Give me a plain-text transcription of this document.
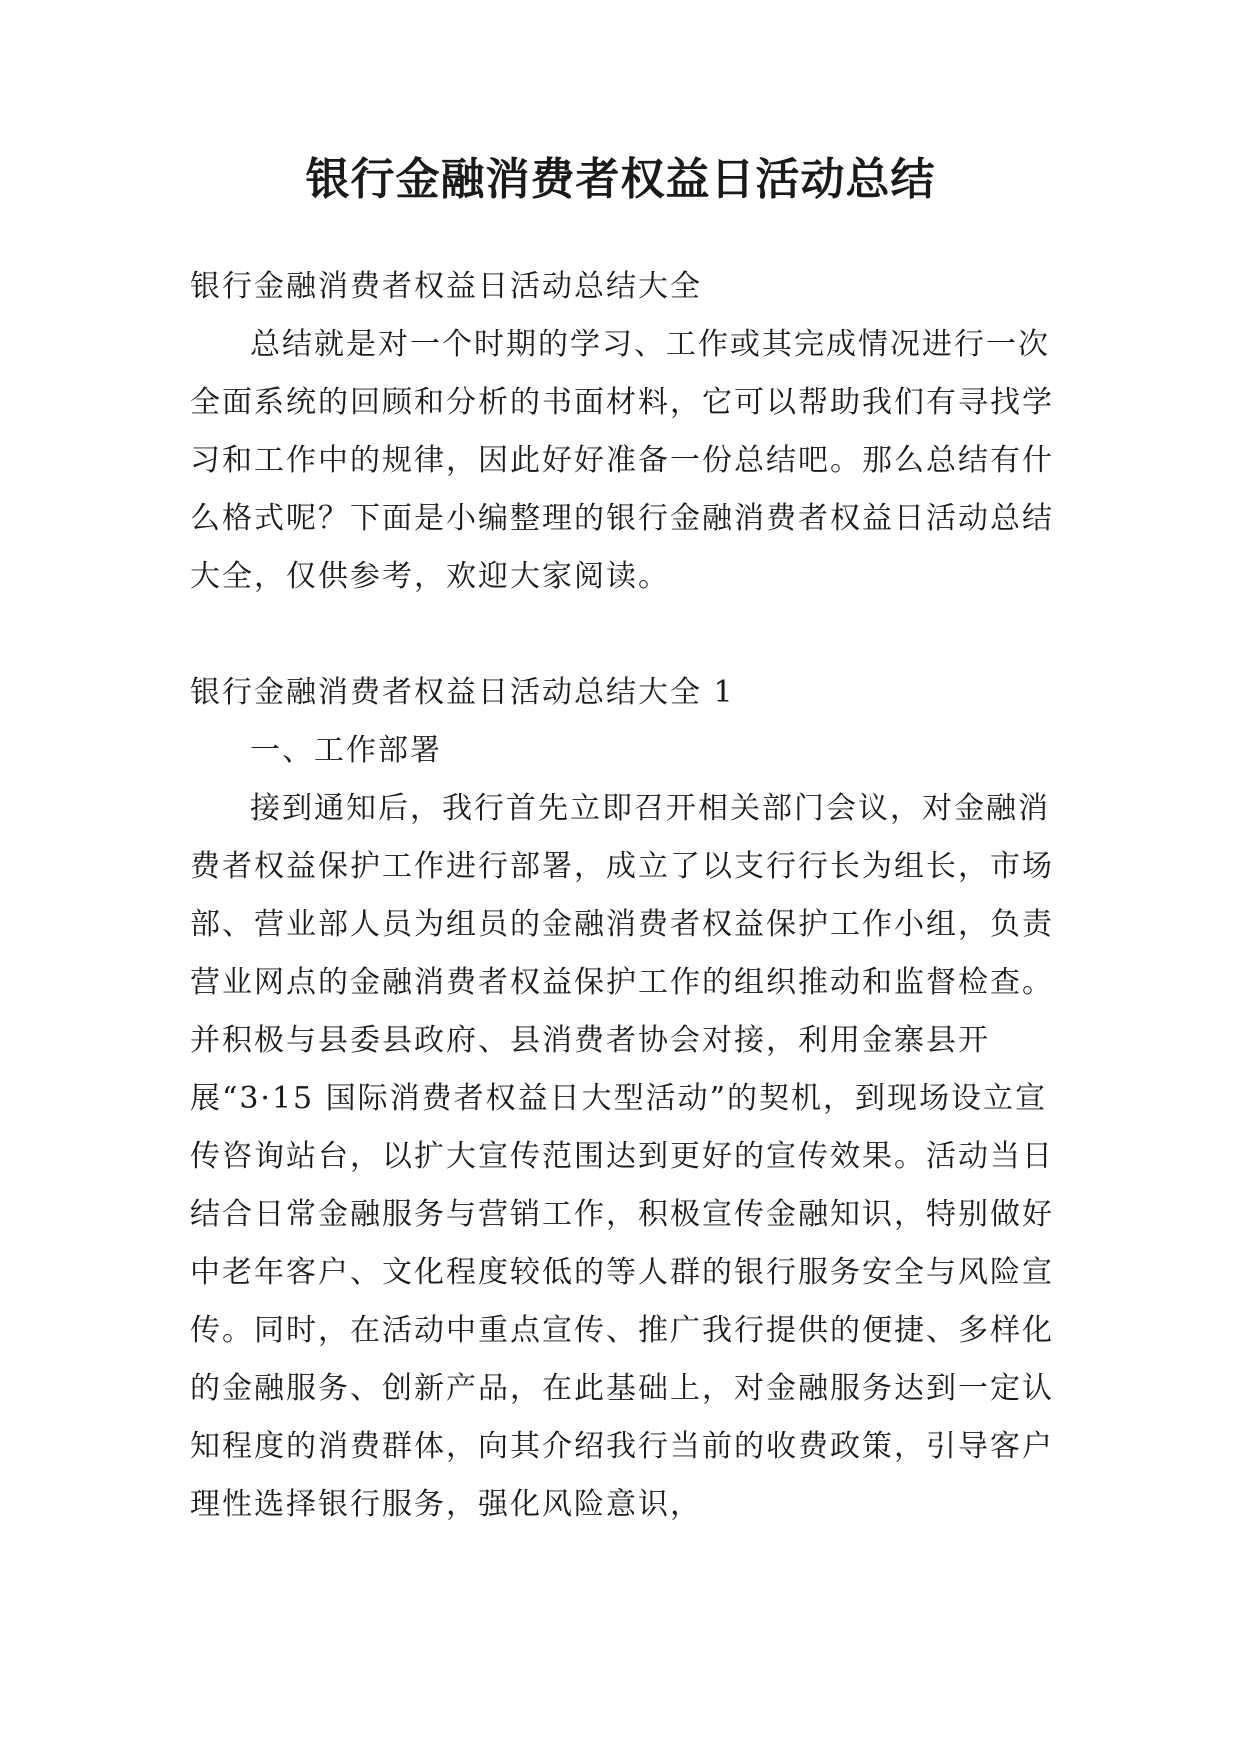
银行金融消费者权益日活动总结

银行金融消费者权益日活动总结大全

总结就是对一个时期的学习、工作或其完成情况进行一次全面系统的回顾和分析的书面材料，它可以帮助我们有寻找学习和工作中的规律，因此好好准备一份总结吧。那么总结有什么格式呢？下面是小编整理的银行金融消费者权益日活动总结大全，仅供参考，欢迎大家阅读。

银行金融消费者权益日活动总结大全 1

一、工作部署

接到通知后，我行首先立即召开相关部门会议，对金融消费者权益保护工作进行部署，成立了以支行行长为组长，市场部、营业部人员为组员的金融消费者权益保护工作小组，负责营业网点的金融消费者权益保护工作的组织推动和监督检查。并积极与县委县政府、县消费者协会对接，利用金寨县开展“3·15 国际消费者权益日大型活动”的契机，到现场设立宣传咨询站台，以扩大宣传范围达到更好的宣传效果。活动当日结合日常金融服务与营销工作，积极宣传金融知识，特别做好中老年客户、文化程度较低的等人群的银行服务安全与风险宣传。同时，在活动中重点宣传、推广我行提供的便捷、多样化的金融服务、创新产品，在此基础上，对金融服务达到一定认知程度的消费群体，向其介绍我行当前的收费政策，引导客户理性选择银行服务，强化风险意识，
